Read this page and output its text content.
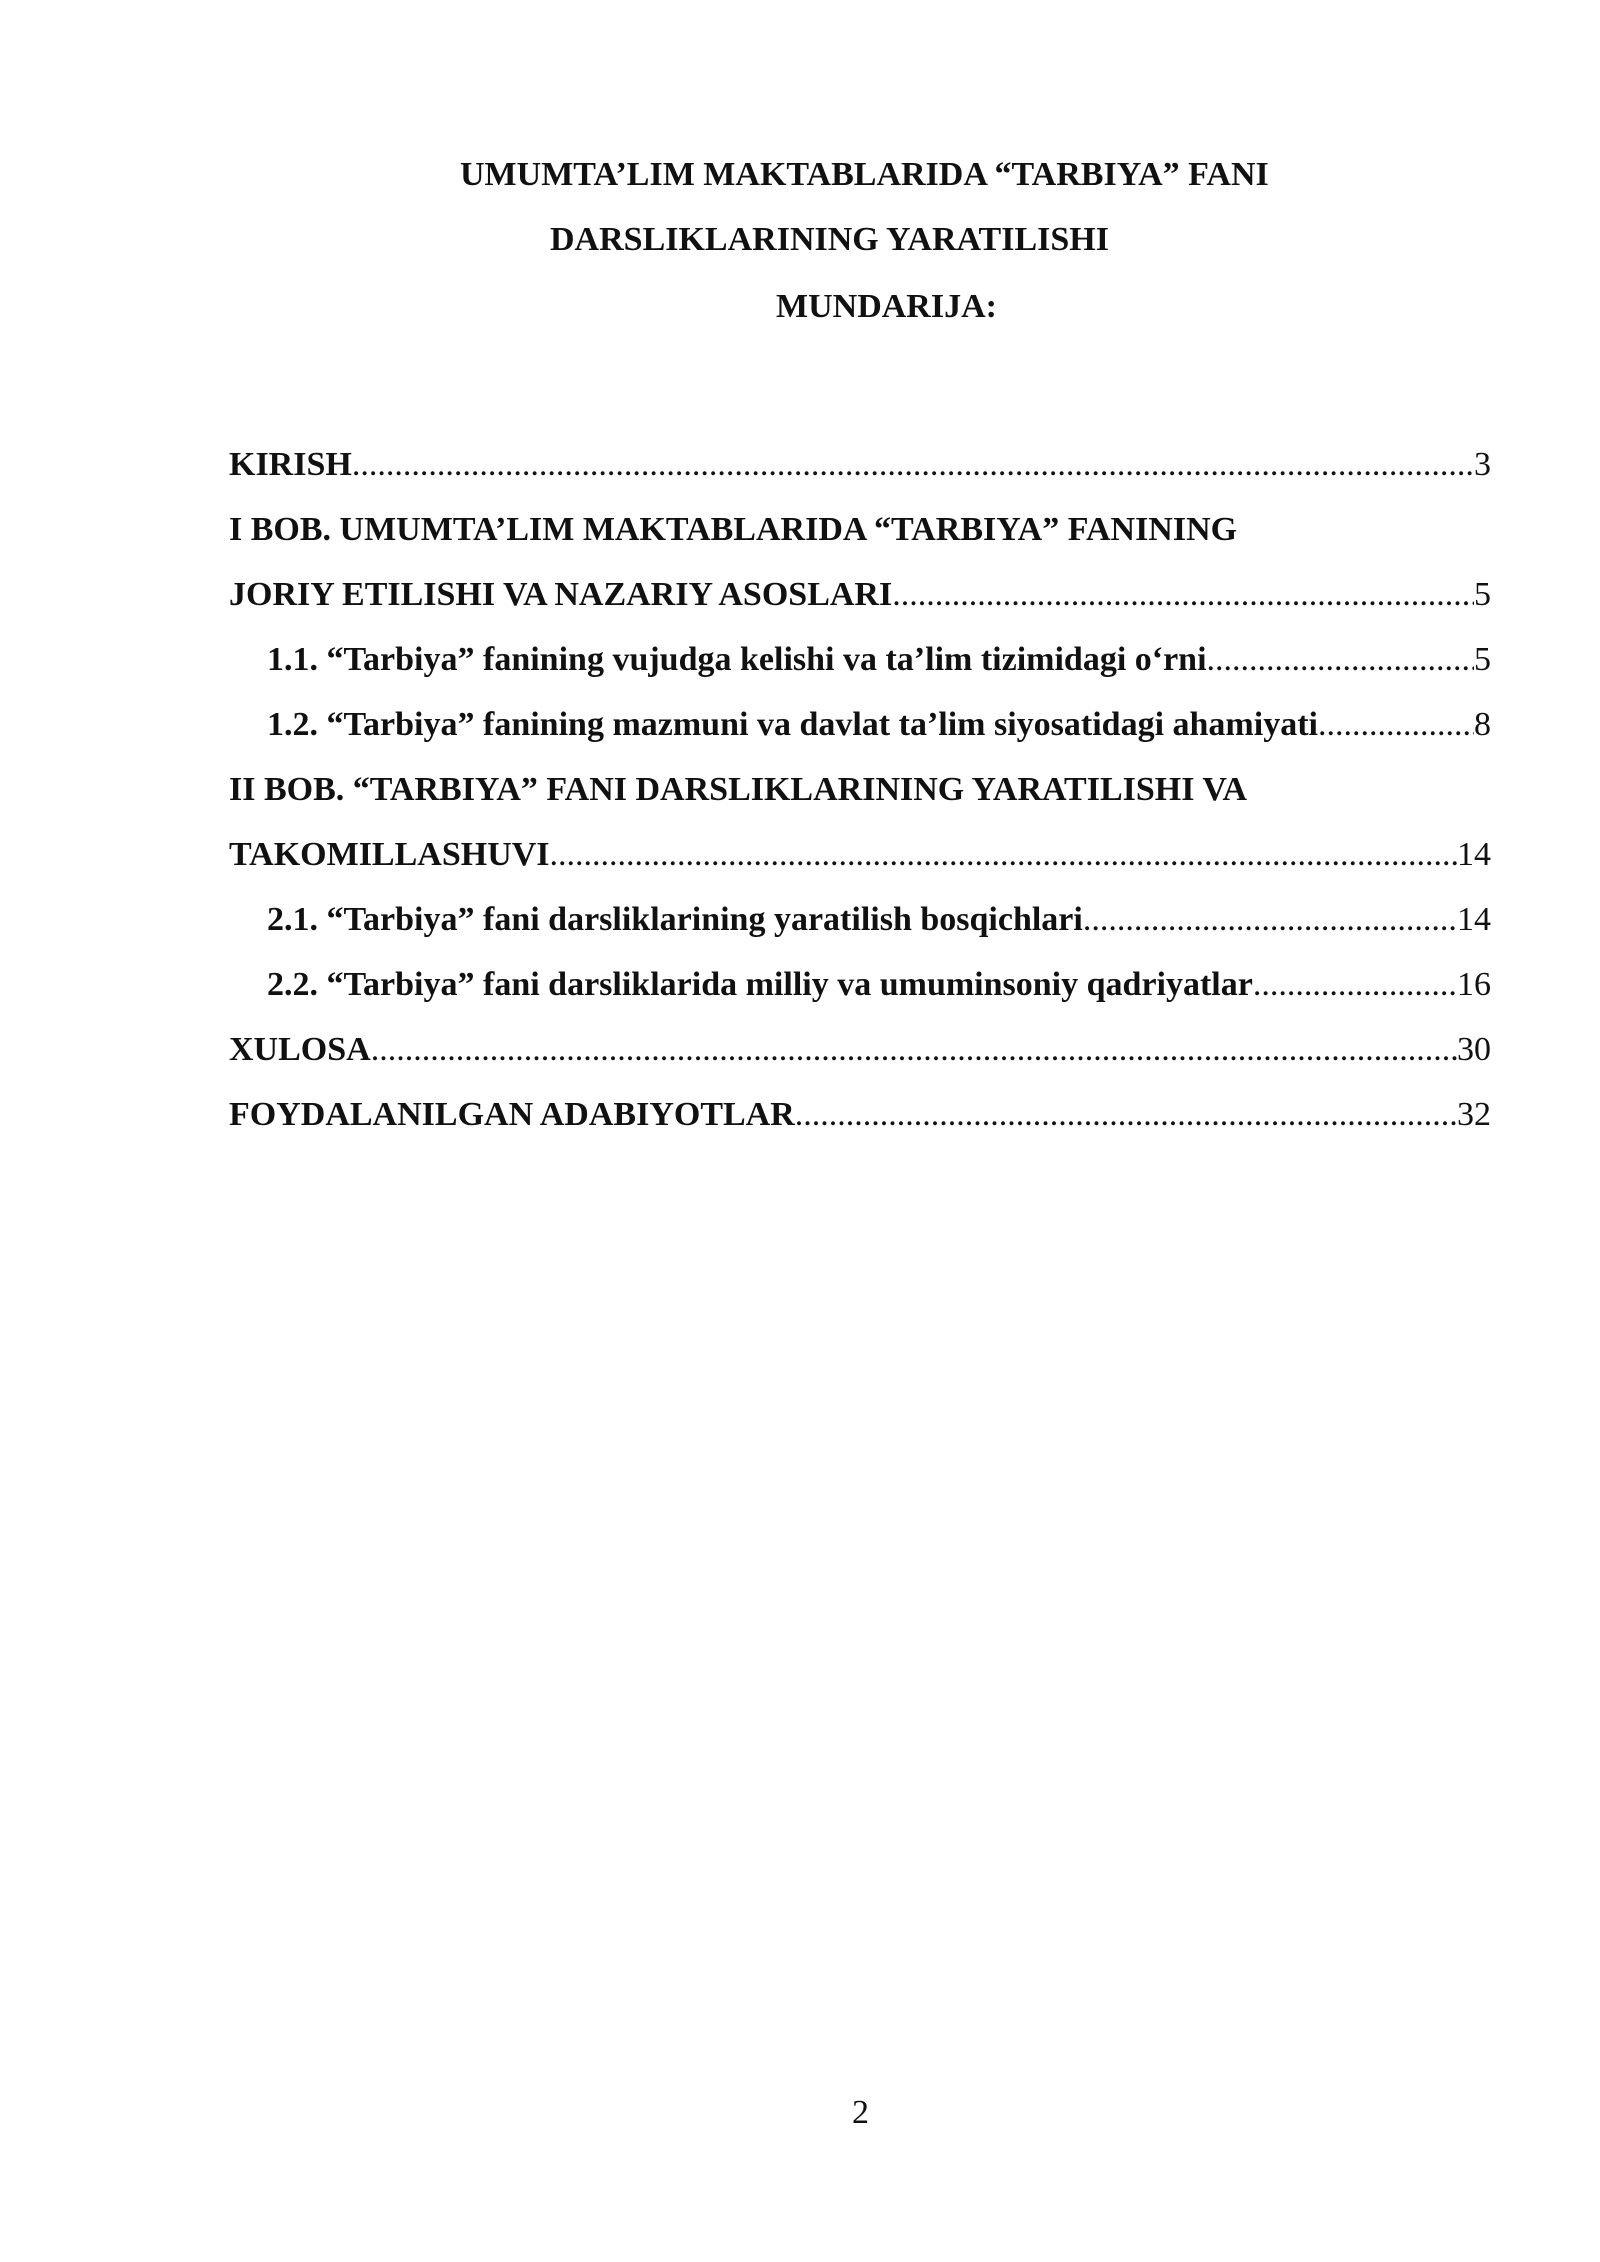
UMUMTA’LIM MAKTABLARIDA “TARBIYA” FANI
DARSLIKLARINING YARATILISHI
MUNDARIJA:
KIRISH .....	3
I BOB. UMUMTA’LIM MAKTABLARIDA “TARBIYA” FANINING
JORIY ETILISHI VA NAZARIY ASOSLARI .....	5
1.1. “Tarbiya” fanining vujudga kelishi va ta’lim tizimidagi o‘rni .....	5
1.2. “Tarbiya” fanining mazmuni va davlat ta’lim siyosatidagi ahamiyati .....	8
II BOB. “TARBIYA” FANI DARSLIKLARINING YARATILISHI VA
TAKOMILLASHUVI .....	14
2.1. “Tarbiya” fani darsliklarining yaratilish bosqichlari .....	14
2.2. “Tarbiya” fani darsliklarida milliy va umuminsoniy qadriyatlar .....	16
XULOSA .....	30
FOYDALANILGAN ADABIYOTLAR .....	32
2
